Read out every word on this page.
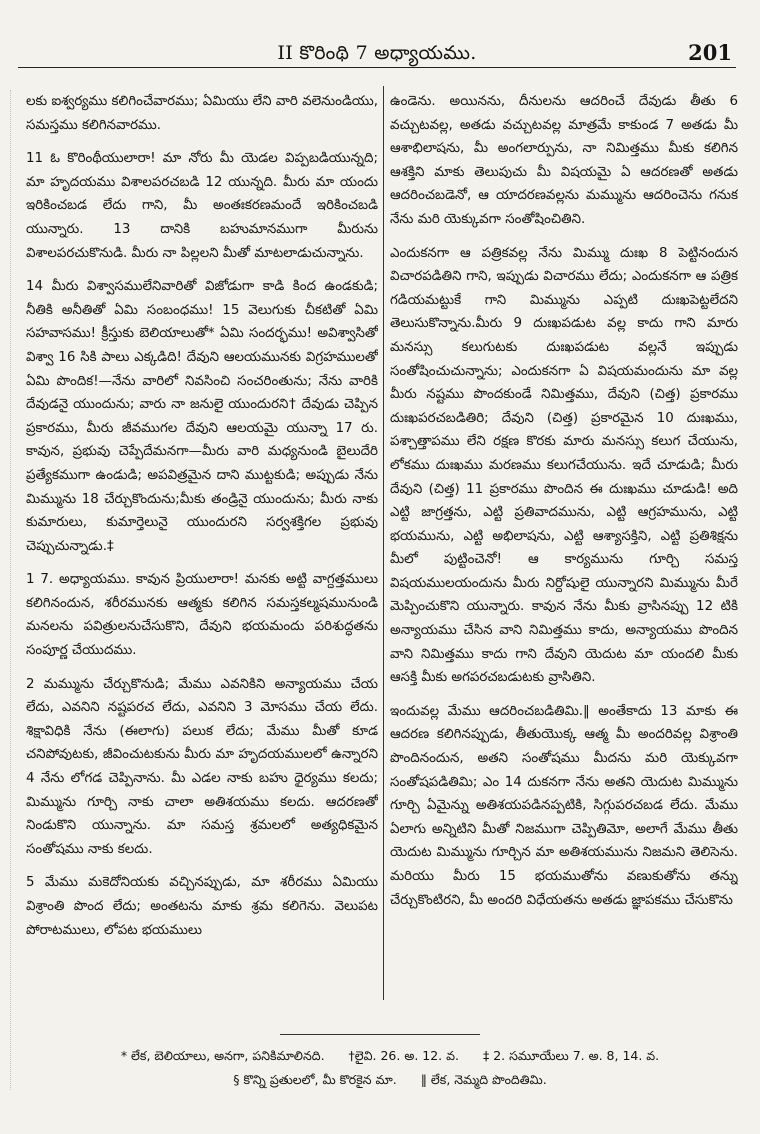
II కొరింథి 7 అధ్యాయము.	201

లకు ఐశ్వర్యము కలిగించేవారము; ఏమియు లేని వారి వలెనుండియు, సమస్తము కలిగినవారము.

11 ఓ కొరింథీయులారా! మా నోరు మీ యెడల విప్పబడియున్నది; మా హృదయము విశాలపరచబడి 12 యున్నది. మీరు మా యందు ఇరికించబడ లేదు గాని, మీ అంతఃకరణమందే ఇరికించబడి యున్నారు. 13 దానికి బహుమానముగా మీరును విశాలపరచుకొనుడి. మీరు నా పిల్లలని మీతో మాటలాడుచున్నాను.

14 మీరు విశ్వాసములేనివారితో విజోడుగా కాడి కింద ఉండకుడి; నీతికి అనీతితో ఏమి సంబంధము! 15 వెలుగుకు చీకటితో ఏమి సహవాసము! క్రీస్తుకు బెలియాలుతో* ఏమి సందర్భము! అవిశ్వాసితో విశ్వా 16 సికి పాలు ఎక్కడిది! దేవుని ఆలయమునకు విగ్రహములతో ఏమి పొందిక!—నేను వారిలో నివసించి సంచరింతును; నేను వారికి దేవుడనై యుందును; వారు నా జనులై యుందురని† దేవుడు చెప్పిన ప్రకారము, మీరు జీవముగల దేవుని ఆలయమై యున్నా 17 రు. కావున, ప్రభువు చెప్పేదేమనగా—మీరు వారి మధ్యనుండి బైలుదేరి ప్రత్యేకముగా ఉండుడి; అపవిత్రమైన దాని ముట్టకుడి; అప్పుడు నేను మిమ్మును 18 చేర్చుకొందును;మీకు తండ్రినై యుందును; మీరు నాకు కుమారులు, కుమార్తెలునై యుందురని సర్వశక్తిగల ప్రభువు చెప్పుచున్నాడు.‡

1 7. అధ్యాయము. కావున ప్రియులారా! మనకు అట్టి వాగ్దత్తములు కలిగినందున, శరీరమునకు ఆత్మకు కలిగిన సమస్తకల్మషమునుండి మనలను పవిత్రులనుచేసుకొని, దేవుని భయమందు పరిశుద్ధతను సంపూర్ణ చేయుదము.

2 మమ్మును చేర్చుకొనుడి; మేము ఎవనికిని అన్యాయము చేయ లేదు, ఎవనిని నష్టపరచ లేదు, ఎవనిని 3 మోసము చేయ లేదు. శిక్షావిధికి నేను (ఈలాగు) పలుక లేదు; మేము మీతో కూడ చనిపోవుటకు, జీవించుటకును మీరు మా హృదయములలో ఉన్నారని 4 నేను లోగడ చెప్పినాను. మీ ఎడల నాకు బహు ధైర్యము కలదు; మిమ్మును గూర్చి నాకు చాలా అతిశయము కలదు. ఆదరణతో నిండుకొని యున్నాను. మా సమస్త శ్రమలలో అత్యధికమైన సంతోషము నాకు కలదు.

5 మేము మకెదోనియకు వచ్చినప్పుడు, మా శరీరము ఏమియు విశ్రాంతి పొంద లేదు; అంతటను మాకు శ్రమ కలిగెను. వెలుపట పోరాటములు, లోపట భయములు

ఉండెను. అయినను, దీనులను ఆదరించే దేవుడు తీతు 6 వచ్చుటవల్ల, అతడు వచ్చుటవల్ల మాత్రమే కాకుండ 7 అతడు మీ ఆశాభిలాషను, మీ అంగలార్పును, నా నిమిత్తము మీకు కలిగిన ఆశక్తిని మాకు తెలుపుచు మీ విషయమై ఏ ఆదరణతో అతడు ఆదరించబడెనో, ఆ యాదరణవల్లను మమ్మును ఆదరించెను గనుక నేను మరి యెక్కువగా సంతోషించితిని.

ఎందుకనగా ఆ పత్రికవల్ల నేను మిమ్ము దుఃఖ 8 పెట్టినందున విచారపడితిని గాని, ఇప్పుడు విచారము లేదు; ఎందుకనగా ఆ పత్రిక గడియమట్టుకే గాని మిమ్మును ఎప్పటి దుఃఖపెట్టలేదని తెలుసుకొన్నాను.మీరు 9 దుఃఖపడుట వల్ల కాదు గాని మారు మనస్సు కలుగుటకు దుఃఖపడుట వల్లనే ఇప్పుడు సంతోషించుచున్నాను; ఎందుకనగా ఏ విషయమందును మా వల్ల మీరు నష్టము పొందకుండే నిమిత్తము, దేవుని (చిత్త) ప్రకారము దుఃఖపరచబడితిరి; దేవుని (చిత్త) ప్రకారమైన 10 దుఃఖము, పశ్చాత్తాపము లేని రక్షణ కొరకు మారు మనస్సు కలుగ చేయును, లోకము దుఃఖము మరణము కలుగచేయును. ఇదే చూడుడి; మీరు దేవుని (చిత్త) 11 ప్రకారము పొందిన ఈ దుఃఖము చూడుడి! అది ఎట్టి జాగ్రత్తను, ఎట్టి ప్రతివాదమును, ఎట్టి ఆగ్రహమును, ఎట్టి భయమును, ఎట్టి అభిలాషను, ఎట్టి ఆశ్యాసక్తిని, ఎట్టి ప్రతిశిక్షను మీలో పుట్టించెనో! ఆ కార్యమును గూర్చి సమస్త విషయములయందును మీరు నిర్దోషులై యున్నారని మిమ్మును మీరే మెప్పించుకొని యున్నారు. కావున నేను మీకు వ్రాసినప్పు 12 టికి అన్యాయము చేసిన వాని నిమిత్తము కాదు, అన్యాయము పొందిన వాని నిమిత్తము కాదు గాని దేవుని యెదుట మా యందలి మీకు ఆసక్తి మీకు అగపరచబడుటకు వ్రాసితిని.

ఇందువల్ల మేము ఆదరించబడితిమి.‖ అంతేకాదు 13 మాకు ఈ ఆదరణ కలిగినప్పుడు, తీతుయొక్క ఆత్మ మీ అందరివల్ల విశ్రాంతి పొందినందున, అతని సంతోషము మీదను మరి యెక్కువగా సంతోషపడితిమి; ఎం 14 దుకనగా నేను అతని యెదుట మిమ్మును గూర్చి ఏమైన్ను అతిశయపడినప్పటికి, సిగ్గుపరచబడ లేదు. మేము ఏలాగు అన్నిటిని మీతో నిజముగా చెప్పితిమో, అలాగే మేము తీతు యెదుట మిమ్మును గూర్చిన మా అతిశయమును నిజమని తెలిసెను. మరియు మీరు 15 భయముతోను వణుకుతోను తన్ను చేర్చుకొంటిరని, మీ అందరి విధేయతను అతడు జ్ఞాపకము చేసుకొను

* లేక, బెలియాలు, అనగా, పనికిమాలినది. †లైవి. 26. అ. 12. వ. ‡ 2. సమూయేలు 7. అ. 8, 14. వ.
§ కొన్ని ప్రతులలో, మీ కొరకైన మా. ‖ లేక, నెమ్మది పొందితిమి.
